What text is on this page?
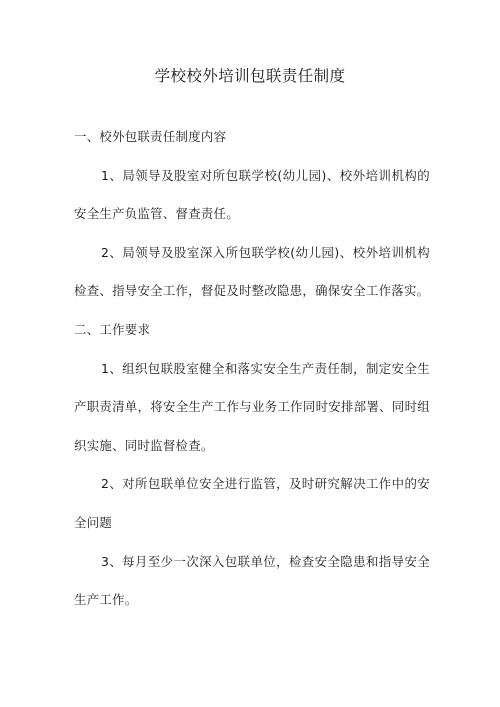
学校校外培训包联责任制度

一、校外包联责任制度内容

1、局领导及股室对所包联学校(幼儿园)、校外培训机构的安全生产负监管、督查责任。

2、局领导及股室深入所包联学校(幼儿园)、校外培训机构检查、指导安全工作，督促及时整改隐患，确保安全工作落实。

二、工作要求

1、组织包联股室健全和落实安全生产责任制，制定安全生产职责清单，将安全生产工作与业务工作同时安排部署、同时组织实施、同时监督检查。

2、对所包联单位安全进行监管，及时研究解决工作中的安全问题

3、每月至少一次深入包联单位，检查安全隐患和指导安全生产工作。
